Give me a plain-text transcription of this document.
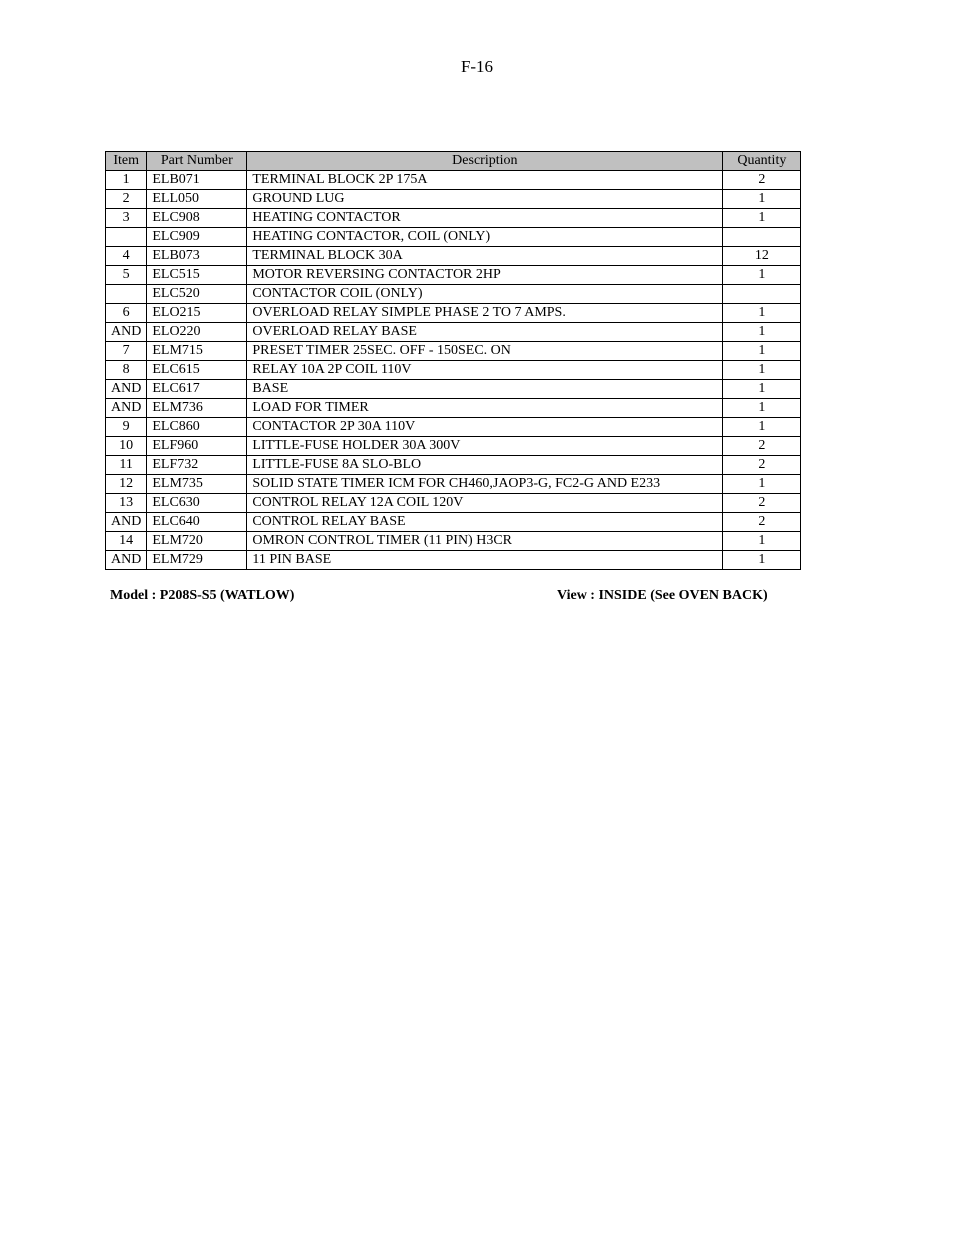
F-16
Item	Part Number	Description	Quantity
1	ELB071	TERMINAL BLOCK 2P 175A	2
2	ELL050	GROUND LUG	1
3	ELC908	HEATING CONTACTOR	1
	ELC909	HEATING CONTACTOR, COIL (ONLY)	
4	ELB073	TERMINAL BLOCK 30A	12
5	ELC515	MOTOR REVERSING CONTACTOR 2HP	1
	ELC520	CONTACTOR COIL (ONLY)	
6	ELO215	OVERLOAD RELAY SIMPLE PHASE 2 TO 7 AMPS.	1
AND	ELO220	OVERLOAD RELAY BASE	1
7	ELM715	PRESET TIMER 25SEC. OFF - 150SEC. ON	1
8	ELC615	RELAY 10A 2P COIL 110V	1
AND	ELC617	BASE	1
AND	ELM736	LOAD FOR TIMER	1
9	ELC860	CONTACTOR 2P 30A 110V	1
10	ELF960	LITTLE-FUSE HOLDER 30A 300V	2
11	ELF732	LITTLE-FUSE 8A SLO-BLO	2
12	ELM735	SOLID STATE TIMER ICM FOR CH460,JAOP3-G, FC2-G AND E233	1
13	ELC630	CONTROL RELAY 12A COIL 120V	2
AND	ELC640	CONTROL RELAY BASE	2
14	ELM720	OMRON CONTROL TIMER (11 PIN) H3CR	1
AND	ELM729	11 PIN BASE	1
Model : P208S-S5 (WATLOW)	View : INSIDE (See OVEN BACK)
